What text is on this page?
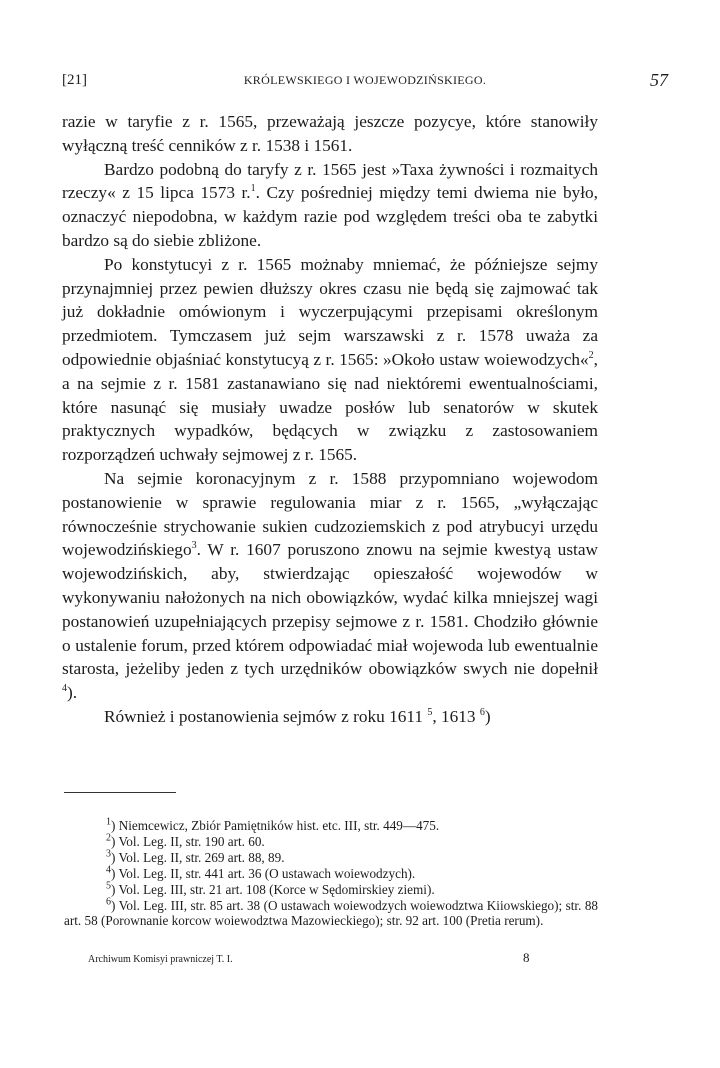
[21]	KRÓLEWSKIEGO I WOJEWODZIŃSKIEGO.	57

razie w taryfie z r. 1565, przeważają jeszcze pozycye, które stanowiły wyłączną treść cenników z r. 1538 i 1561.

Bardzo podobną do taryfy z r. 1565 jest »Taxa żywności i rozmaitych rzeczy« z 15 lipca 1573 r.$^1$. Czy pośredniej między temi dwiema nie było, oznaczyć niepodobna, w każdym razie pod względem treści oba te zabytki bardzo są do siebie zbliżone.

Po konstytucyi z r. 1565 możnaby mniemać, że późniejsze sejmy przynajmniej przez pewien dłuższy okres czasu nie będą się zajmować tak już dokładnie omówionym i wyczerpującymi przepisami określonym przedmiotem. Tymczasem już sejm warszawski z r. 1578 uważa za odpowiednie objaśniać konstytucyą z r. 1565: »Około ustaw woiewodzych«$^2$, a na sejmie z r. 1581 zastanawiano się nad niektóremi ewentualnościami, które nasunąć się musiały uwadze posłów lub senatorów w skutek praktycznych wypadków, będących w związku z zastosowaniem rozporządzeń uchwały sejmowej z r. 1565.

Na sejmie koronacyjnym z r. 1588 przypomniano wojewodom postanowienie w sprawie regulowania miar z r. 1565, „wyłączając równocześnie strychowanie sukien cudzoziemskich z pod atrybucyi urzędu wojewodzińskiego$^3$. W r. 1607 poruszono znowu na sejmie kwestyą ustaw wojewodzińskich, aby, stwierdzając opieszałość wojewodów w wykonywaniu nałożonych na nich obowiązków, wydać kilka mniejszej wagi postanowień uzupełniających przepisy sejmowe z r. 1581. Chodziło głównie o ustalenie forum, przed którem odpowiadać miał wojewoda lub ewentualnie starosta, jeżeliby jeden z tych urzędników obowiązków swych nie dopełnił $^4$).

Również i postanowienia sejmów z roku 1611 $^5$, 1613 $^6$)

$^1$) Niemcewicz, Zbiór Pamiętników hist. etc. III, str. 449—475.

$^2$) Vol. Leg. II, str. 190 art. 60.

$^3$) Vol. Leg. II, str. 269 art. 88, 89.

$^4$) Vol. Leg. II, str. 441 art. 36 (O ustawach woiewodzych).

$^5$) Vol. Leg. III, str. 21 art. 108 (Korce w Sędomirskiey ziemi).

$^6$) Vol. Leg. III, str. 85 art. 38 (O ustawach woiewodzych woiewodztwa Kiiowskiego); str. 88 art. 58 (Porownanie korcow woiewodztwa Mazowieckiego); str. 92 art. 100 (Pretia rerum).

Archiwum Komisyi prawniczej T. I.	8
